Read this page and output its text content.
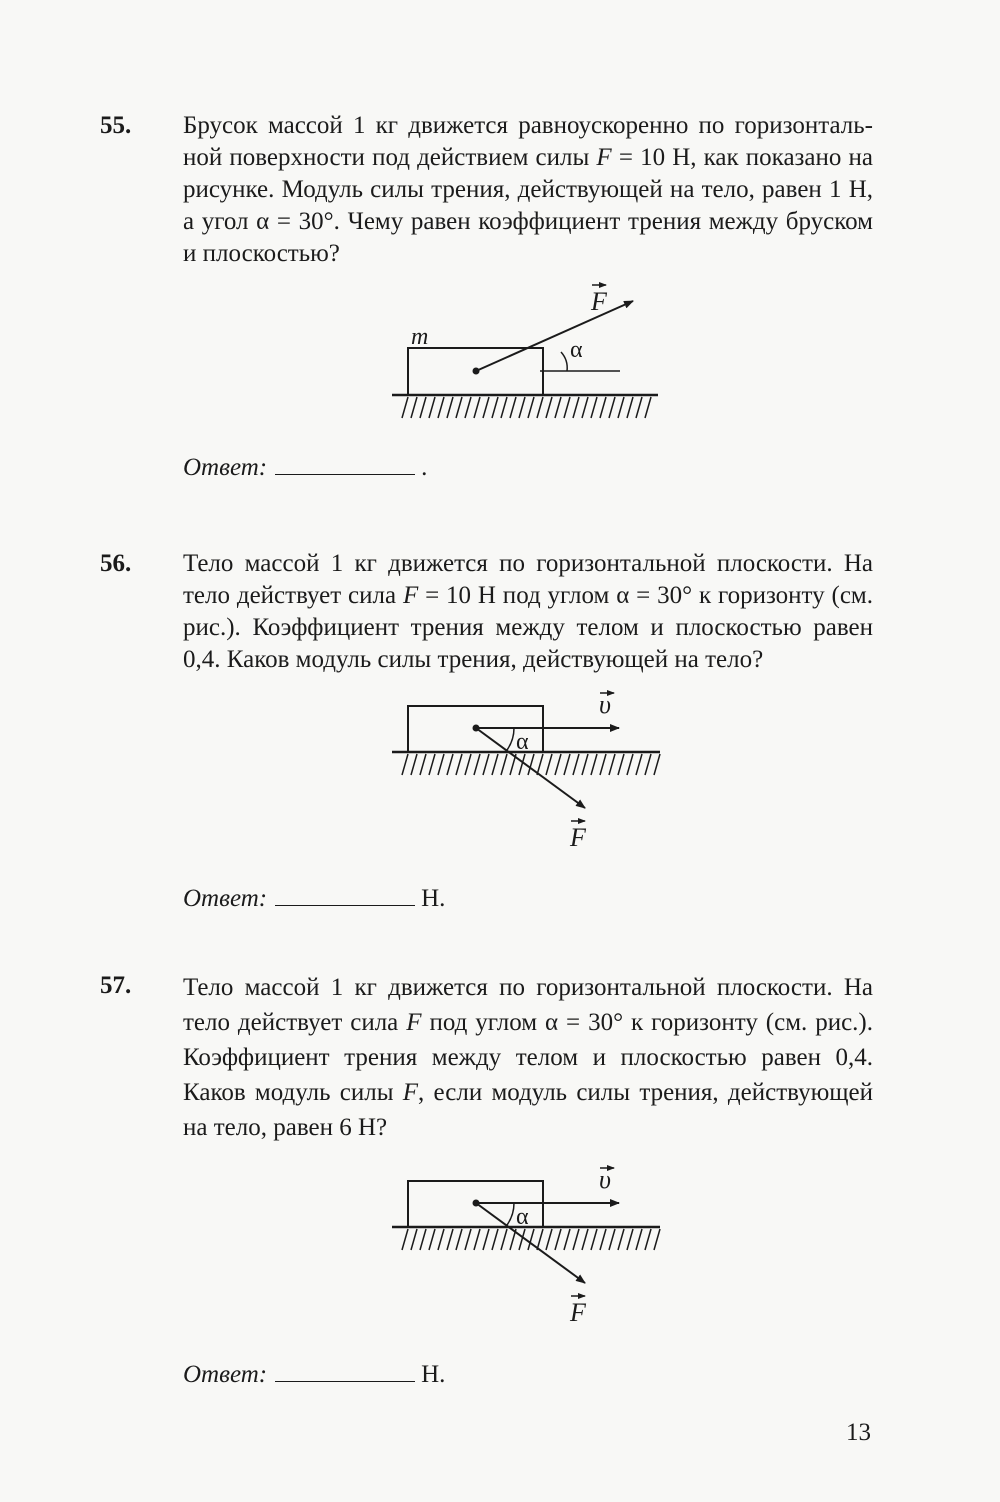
55. Брусок массой 1 кг движется равноускоренно по горизонтальной поверхности под действием силы F = 10 Н, как показано на рисунке. Модуль силы трения, действующей на тело, равен 1 Н, а угол α = 30°. Чему равен коэффициент трения между бруском и плоскостью?
α
m
F
Ответ:	.
56. Тело массой 1 кг движется по горизонтальной плоскости. На тело действует сила F = 10 Н под углом α = 30° к горизонту (см. рис.). Коэффициент трения между телом и плоскостью равен 0,4. Каков модуль силы трения, действующей на тело?
α
υ
F
Ответ:	Н.
57. Тело массой 1 кг движется по горизонтальной плоскости. На тело действует сила F под углом α = 30° к горизонту (см. рис.). Коэффициент трения между телом и плоскостью равен 0,4. Каков модуль силы F, если модуль силы трения, действующей на тело, равен 6 Н?
α
υ
F
Ответ:	Н.
13
